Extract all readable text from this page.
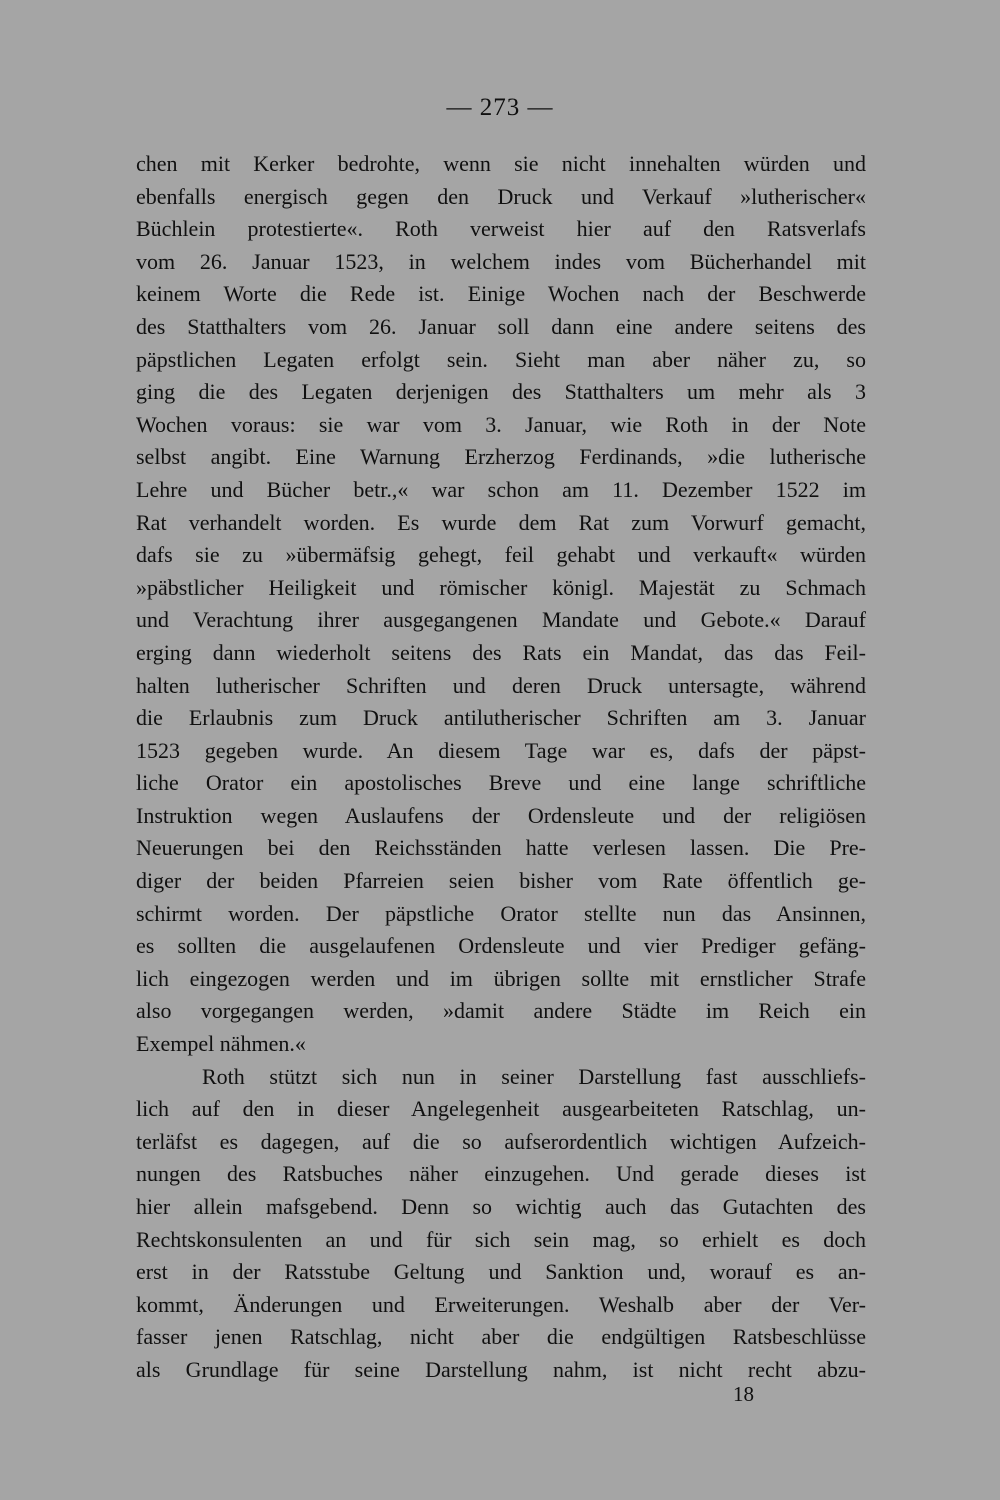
— 273 —
chen mit Kerker bedrohte, wenn sie nicht innehalten würden und
ebenfalls energisch gegen den Druck und Verkauf »lutherischer«
Büchlein protestierte«. Roth verweist hier auf den Ratsverlafs
vom 26. Januar 1523, in welchem indes vom Bücherhandel mit
keinem Worte die Rede ist. Einige Wochen nach der Beschwerde
des Statthalters vom 26. Januar soll dann eine andere seitens des
päpstlichen Legaten erfolgt sein. Sieht man aber näher zu, so
ging die des Legaten derjenigen des Statthalters um mehr als 3
Wochen voraus: sie war vom 3. Januar, wie Roth in der Note
selbst angibt. Eine Warnung Erzherzog Ferdinands, »die lutherische
Lehre und Bücher betr.,« war schon am 11. Dezember 1522 im
Rat verhandelt worden. Es wurde dem Rat zum Vorwurf gemacht,
dafs sie zu »übermäfsig gehegt, feil gehabt und verkauft« würden
»päbstlicher Heiligkeit und römischer königl. Majestät zu Schmach
und Verachtung ihrer ausgegangenen Mandate und Gebote.« Darauf
erging dann wiederholt seitens des Rats ein Mandat, das das Feil-
halten lutherischer Schriften und deren Druck untersagte, während
die Erlaubnis zum Druck antilutherischer Schriften am 3. Januar
1523 gegeben wurde. An diesem Tage war es, dafs der päpst-
liche Orator ein apostolisches Breve und eine lange schriftliche
Instruktion wegen Auslaufens der Ordensleute und der religiösen
Neuerungen bei den Reichsständen hatte verlesen lassen. Die Pre-
diger der beiden Pfarreien seien bisher vom Rate öffentlich ge-
schirmt worden. Der päpstliche Orator stellte nun das Ansinnen,
es sollten die ausgelaufenen Ordensleute und vier Prediger gefäng-
lich eingezogen werden und im übrigen sollte mit ernstlicher Strafe
also vorgegangen werden, »damit andere Städte im Reich ein
Exempel nähmen.«
Roth stützt sich nun in seiner Darstellung fast ausschliefs-
lich auf den in dieser Angelegenheit ausgearbeiteten Ratschlag, un-
terläfst es dagegen, auf die so aufserordentlich wichtigen Aufzeich-
nungen des Ratsbuches näher einzugehen. Und gerade dieses ist
hier allein mafsgebend. Denn so wichtig auch das Gutachten des
Rechtskonsulenten an und für sich sein mag, so erhielt es doch
erst in der Ratsstube Geltung und Sanktion und, worauf es an-
kommt, Änderungen und Erweiterungen. Weshalb aber der Ver-
fasser jenen Ratschlag, nicht aber die endgültigen Ratsbeschlüsse
als Grundlage für seine Darstellung nahm, ist nicht recht abzu-
18
